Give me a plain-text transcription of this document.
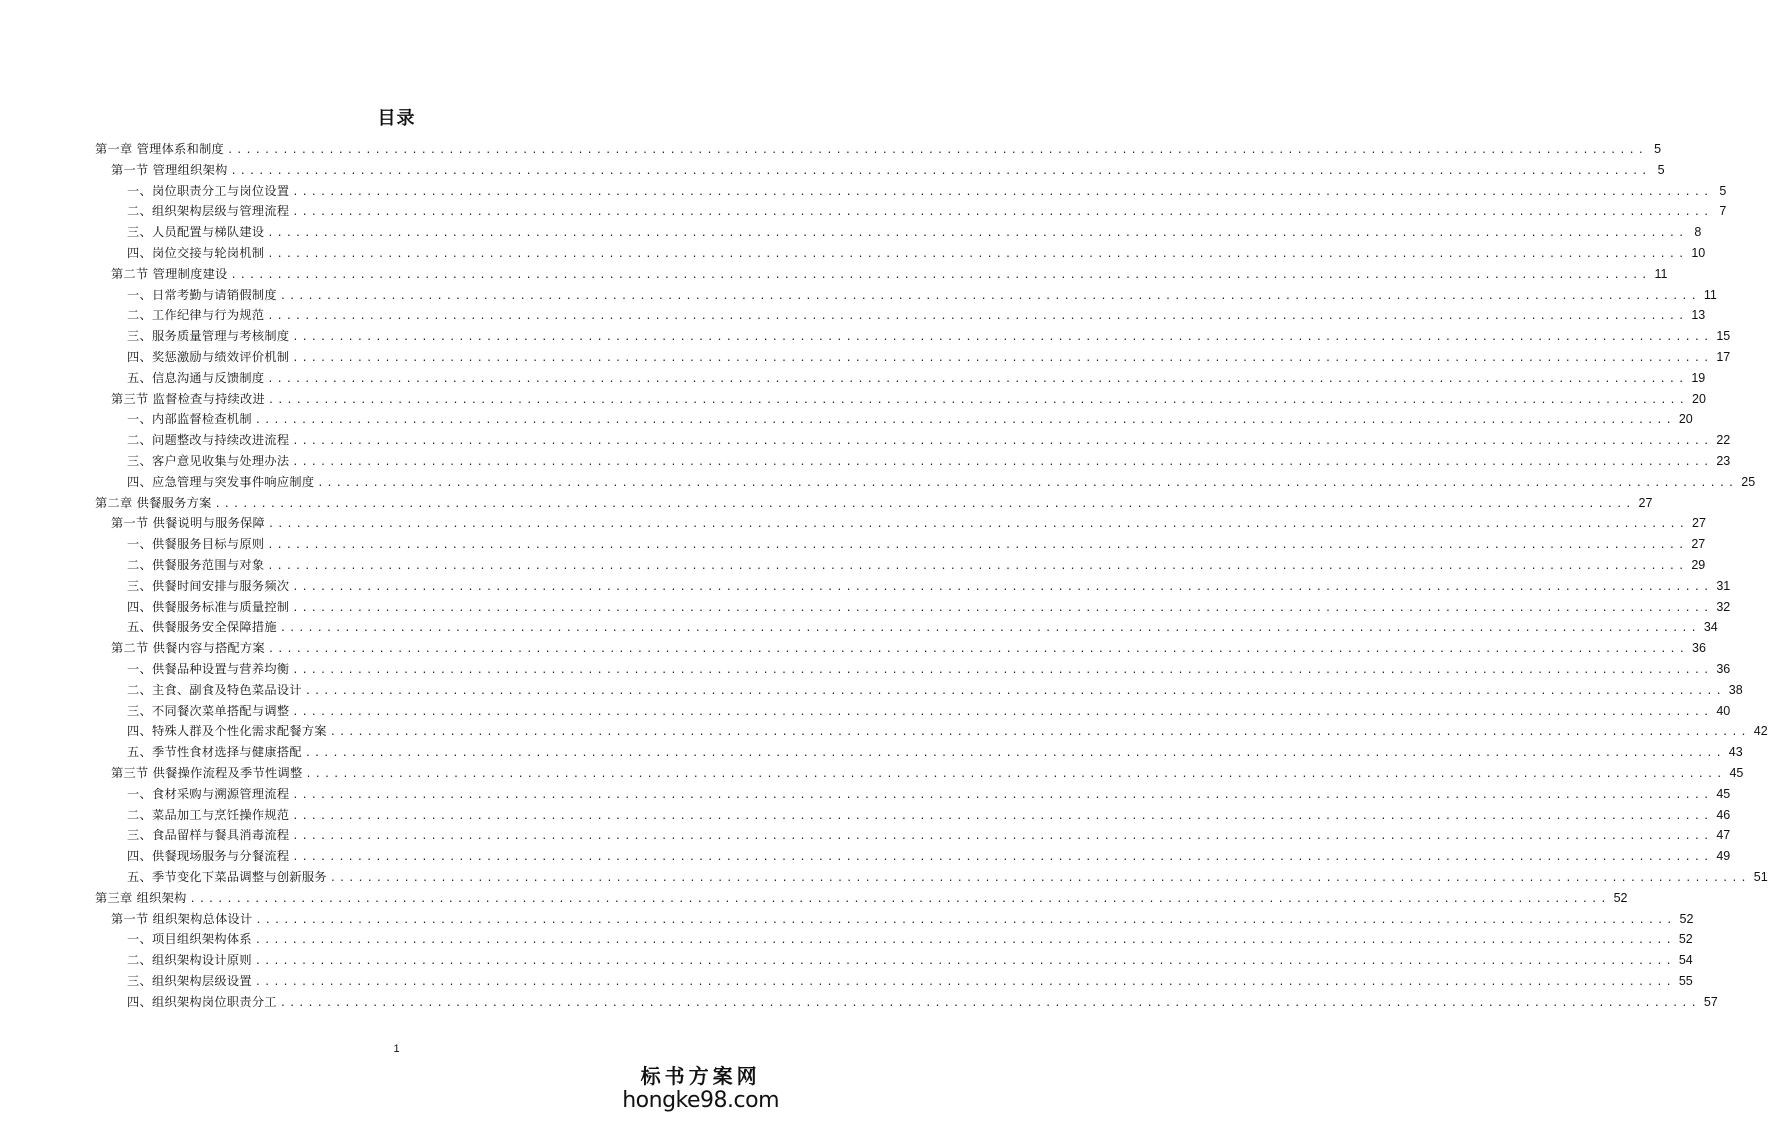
目录
第一章 管理体系和制度 .......................................................................................................................................................... 5
第一节 管理组织架构 .......................................................................................................................................................... 5
一、岗位职责分工与岗位设置 .......................................................................................................................................................... 5
二、组织架构层级与管理流程 .......................................................................................................................................................... 7
三、人员配置与梯队建设 .......................................................................................................................................................... 8
四、岗位交接与轮岗机制 .......................................................................................................................................................... 10
第二节 管理制度建设 .......................................................................................................................................................... 11
一、日常考勤与请销假制度 .......................................................................................................................................................... 11
二、工作纪律与行为规范 .......................................................................................................................................................... 13
三、服务质量管理与考核制度 .......................................................................................................................................................... 15
四、奖惩激励与绩效评价机制 .......................................................................................................................................................... 17
五、信息沟通与反馈制度 .......................................................................................................................................................... 19
第三节 监督检查与持续改进 .......................................................................................................................................................... 20
一、内部监督检查机制 .......................................................................................................................................................... 20
二、问题整改与持续改进流程 .......................................................................................................................................................... 22
三、客户意见收集与处理办法 .......................................................................................................................................................... 23
四、应急管理与突发事件响应制度 .......................................................................................................................................................... 25
第二章 供餐服务方案 .......................................................................................................................................................... 27
第一节 供餐说明与服务保障 .......................................................................................................................................................... 27
一、供餐服务目标与原则 .......................................................................................................................................................... 27
二、供餐服务范围与对象 .......................................................................................................................................................... 29
三、供餐时间安排与服务频次 .......................................................................................................................................................... 31
四、供餐服务标准与质量控制 .......................................................................................................................................................... 32
五、供餐服务安全保障措施 .......................................................................................................................................................... 34
第二节 供餐内容与搭配方案 .......................................................................................................................................................... 36
一、供餐品种设置与营养均衡 .......................................................................................................................................................... 36
二、主食、副食及特色菜品设计 .......................................................................................................................................................... 38
三、不同餐次菜单搭配与调整 .......................................................................................................................................................... 40
四、特殊人群及个性化需求配餐方案 .......................................................................................................................................................... 42
五、季节性食材选择与健康搭配 .......................................................................................................................................................... 43
第三节 供餐操作流程及季节性调整 .......................................................................................................................................................... 45
一、食材采购与溯源管理流程 .......................................................................................................................................................... 45
二、菜品加工与烹饪操作规范 .......................................................................................................................................................... 46
三、食品留样与餐具消毒流程 .......................................................................................................................................................... 47
四、供餐现场服务与分餐流程 .......................................................................................................................................................... 49
五、季节变化下菜品调整与创新服务 .......................................................................................................................................................... 51
第三章 组织架构 .......................................................................................................................................................... 52
第一节 组织架构总体设计 .......................................................................................................................................................... 52
一、项目组织架构体系 .......................................................................................................................................................... 52
二、组织架构设计原则 .......................................................................................................................................................... 54
三、组织架构层级设置 .......................................................................................................................................................... 55
四、组织架构岗位职责分工 .......................................................................................................................................................... 57
1
标书方案网
hongke98.com
